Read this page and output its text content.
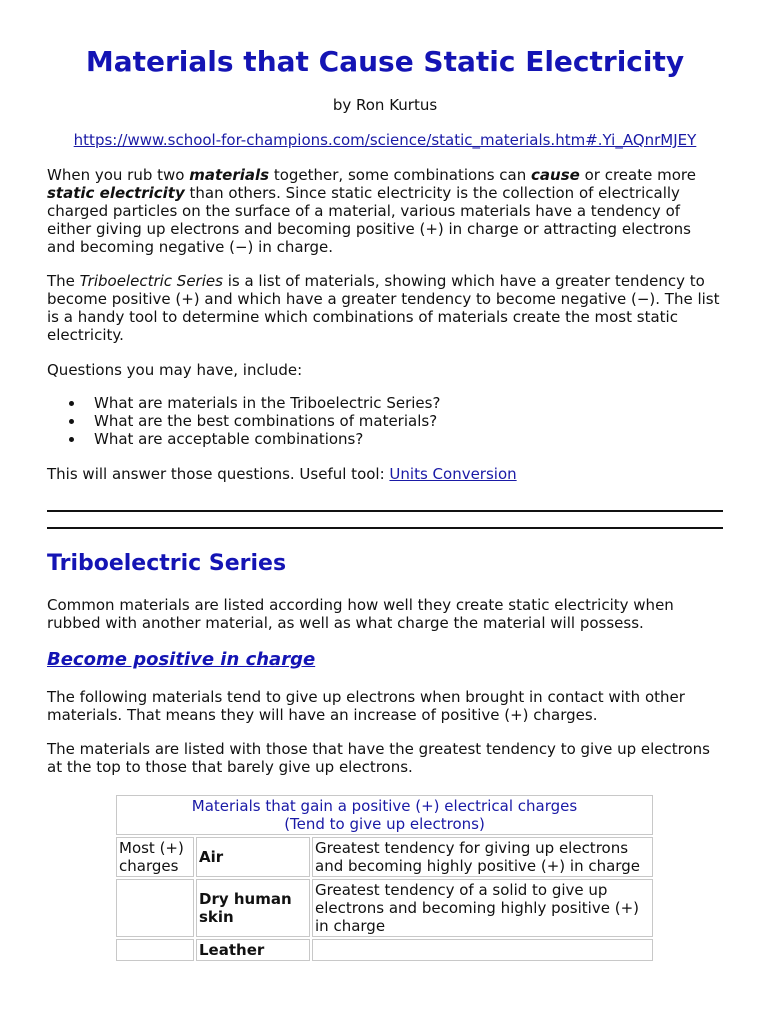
Materials that Cause Static Electricity
by Ron Kurtus
https://www.school-for-champions.com/science/static_materials.htm#.Yi_AQnrMJEY

When you rub two materials together, some combinations can cause or create more static electricity than others. Since static electricity is the collection of electrically charged particles on the surface of a material, various materials have a tendency of either giving up electrons and becoming positive (+) in charge or attracting electrons and becoming negative (−) in charge.

The Triboelectric Series is a list of materials, showing which have a greater tendency to become positive (+) and which have a greater tendency to become negative (−). The list is a handy tool to determine which combinations of materials create the most static electricity.

Questions you may have, include:

What are materials in the Triboelectric Series?
What are the best combinations of materials?
What are acceptable combinations?

This will answer those questions. Useful tool: Units Conversion

Triboelectric Series

Common materials are listed according how well they create static electricity when rubbed with another material, as well as what charge the material will possess.

Become positive in charge

The following materials tend to give up electrons when brought in contact with other materials. That means they will have an increase of positive (+) charges.

The materials are listed with those that have the greatest tendency to give up electrons at the top to those that barely give up electrons.

Materials that gain a positive (+) electrical charges
(Tend to give up electrons)		

Most (+) charges	Air	Greatest tendency for giving up electrons and becoming highly positive (+) in charge
	Dry human skin	Greatest tendency of a solid to give up electrons and becoming highly positive (+) in charge
	Leather	
